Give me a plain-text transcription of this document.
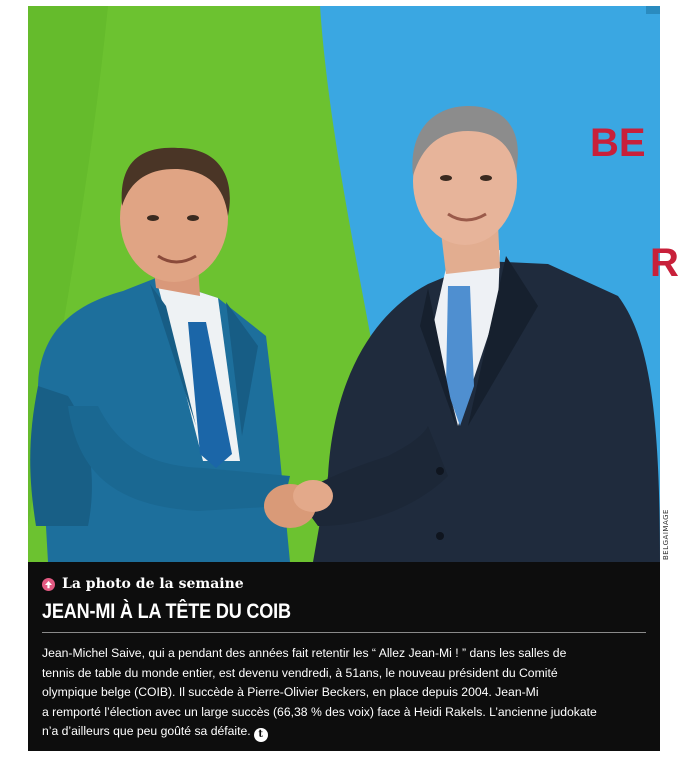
BE
R
BELGAIMAGE
La photo de la semaine
JEAN-MI À LA TÊTE DU COIB
Jean-Michel Saive, qui a pendant des années fait retentir les “ Allez Jean-Mi ! ” dans les salles de
tennis de table du monde entier, est devenu vendredi, à 51ans, le nouveau président du Comité
olympique belge (COIB). Il succède à Pierre-Olivier Beckers, en place depuis 2004. Jean-Mi
a remporté l’élection avec un large succès (66,38 % des voix) face à Heidi Rakels. L’ancienne judokate
n’a d’ailleurs que peu goûté sa défaite. t
